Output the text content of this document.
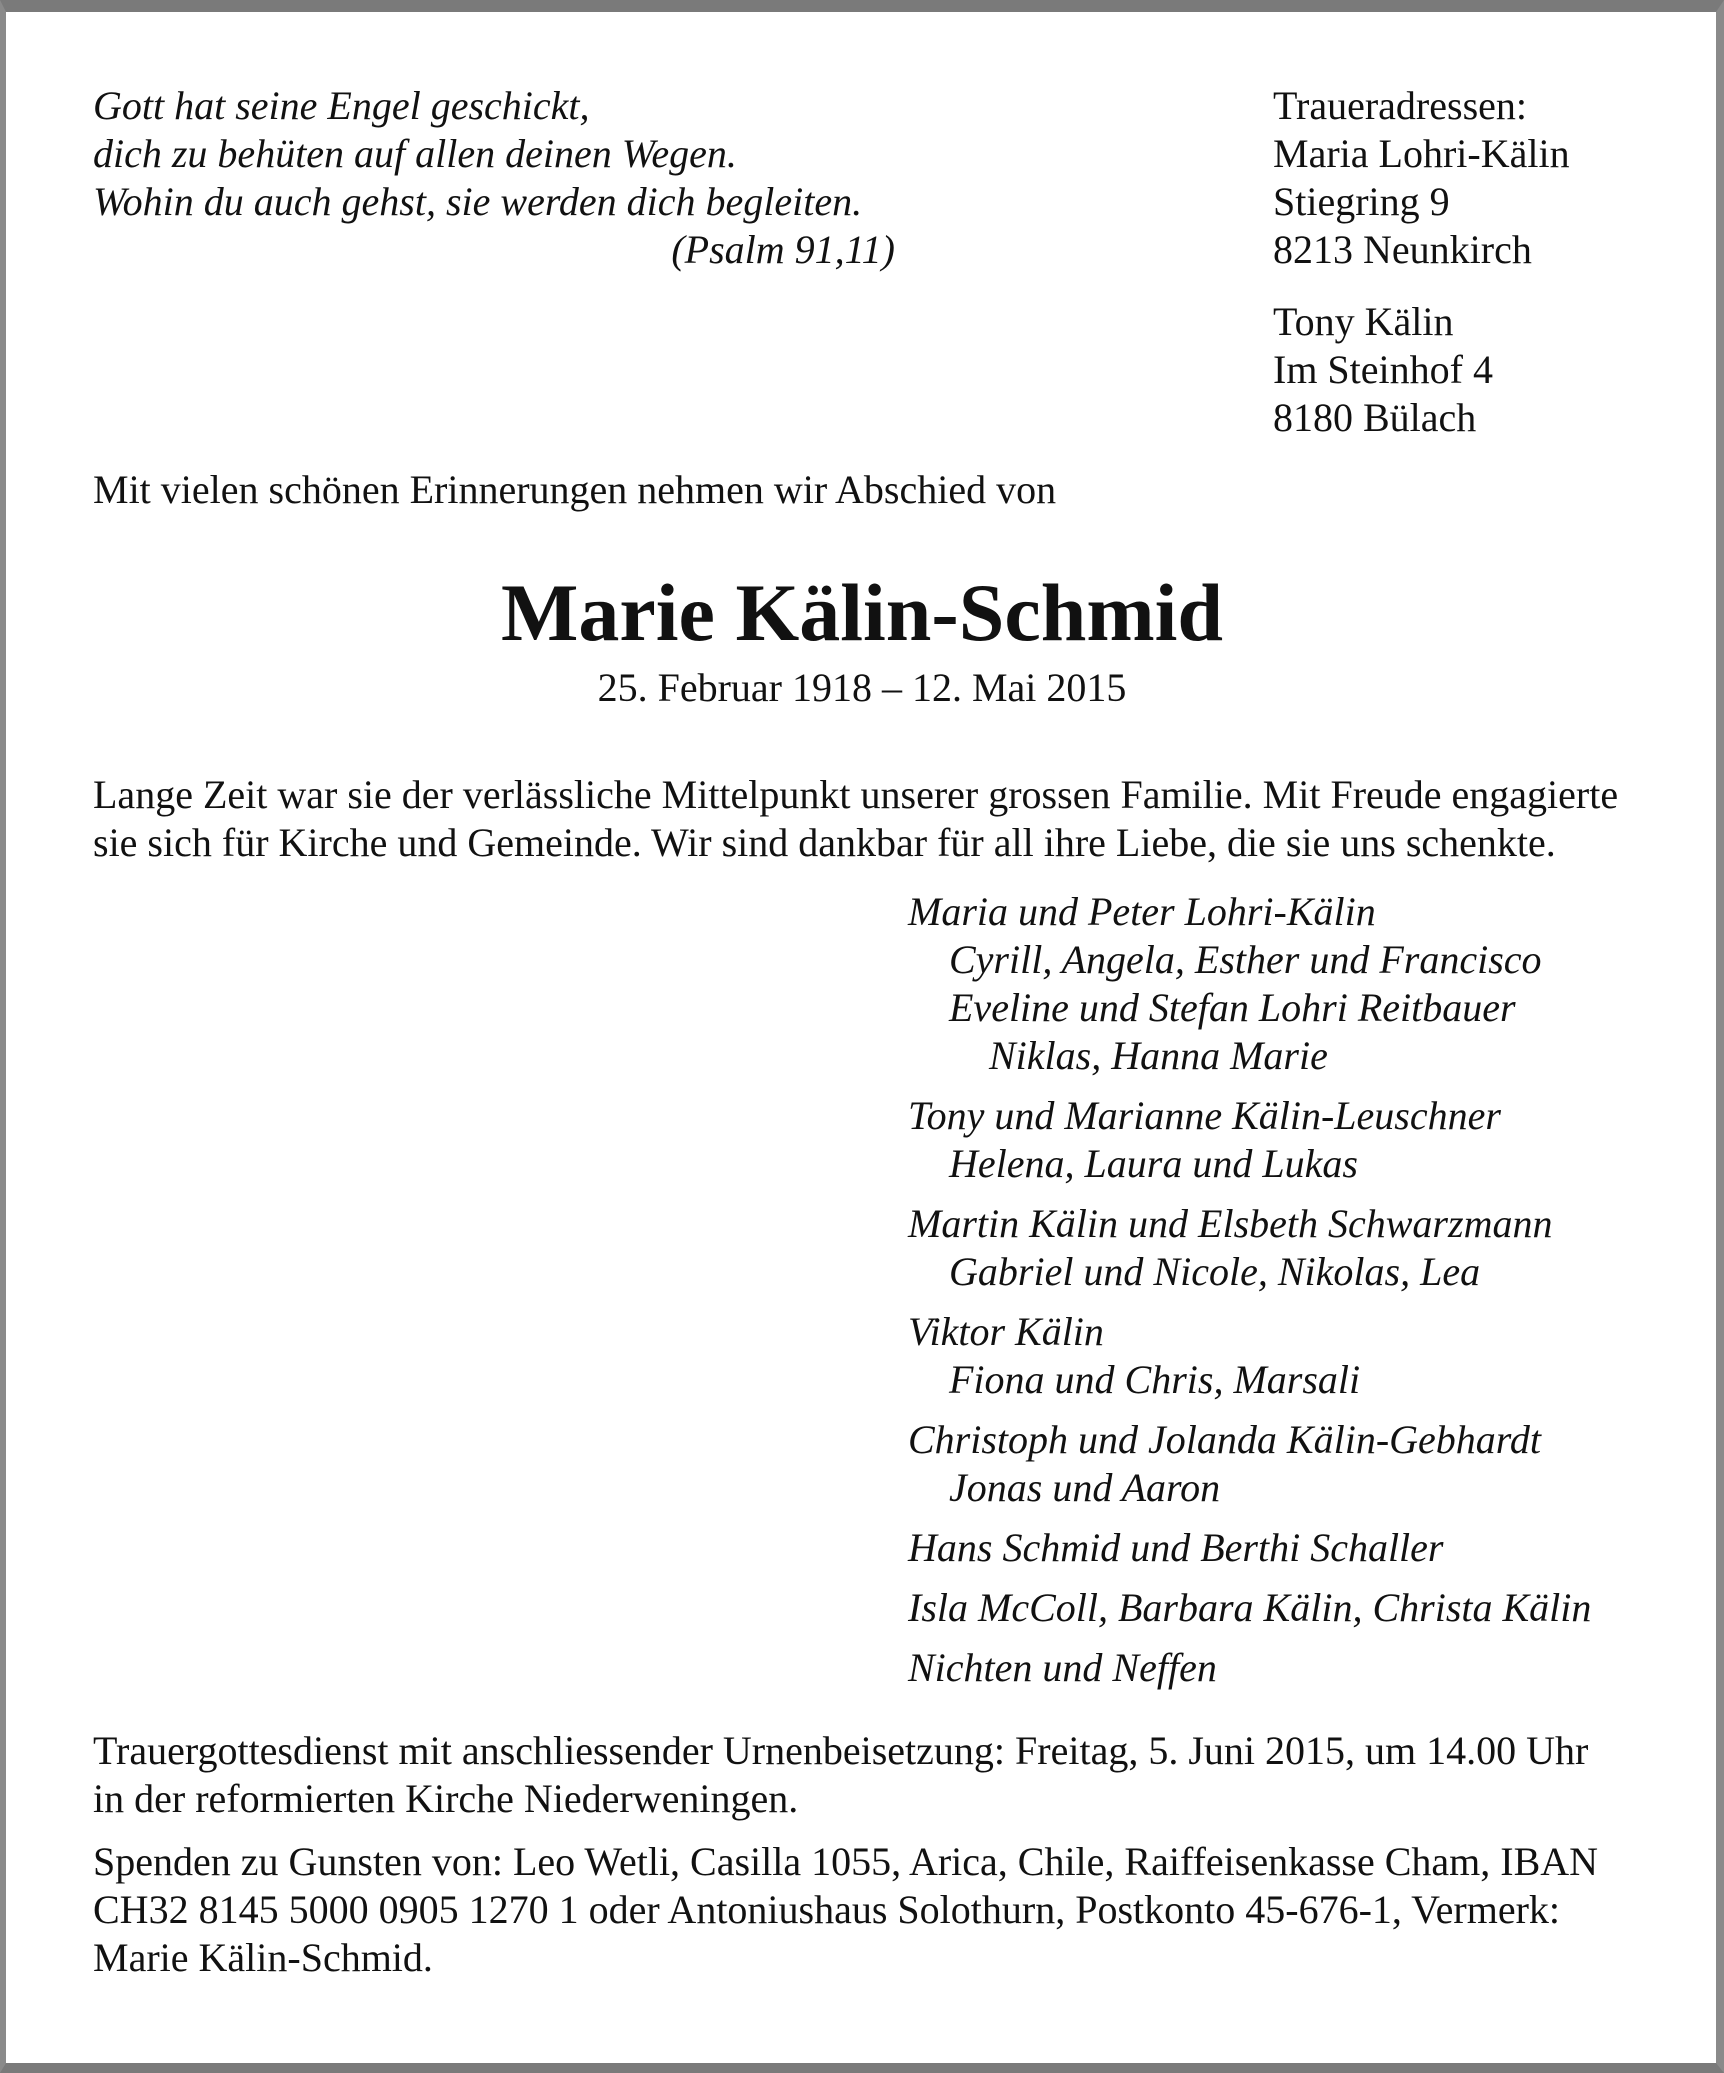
Gott hat seine Engel geschickt,
dich zu behüten auf allen deinen Wegen.
Wohin du auch gehst, sie werden dich begleiten.
(Psalm 91,11)
Traueradressen:
Maria Lohri-Kälin
Stiegring 9
8213 Neunkirch
Tony Kälin
Im Steinhof 4
8180 Bülach
Mit vielen schönen Erinnerungen nehmen wir Abschied von
Marie Kälin-Schmid
25. Februar 1918 – 12. Mai 2015
Lange Zeit war sie der verlässliche Mittelpunkt unserer grossen Familie. Mit Freude engagierte
sie sich für Kirche und Gemeinde. Wir sind dankbar für all ihre Liebe, die sie uns schenkte.
Maria und Peter Lohri-Kälin
Cyrill, Angela, Esther und Francisco
Eveline und Stefan Lohri Reitbauer
Niklas, Hanna Marie
Tony und Marianne Kälin-Leuschner
Helena, Laura und Lukas
Martin Kälin und Elsbeth Schwarzmann
Gabriel und Nicole, Nikolas, Lea
Viktor Kälin
Fiona und Chris, Marsali
Christoph und Jolanda Kälin-Gebhardt
Jonas und Aaron
Hans Schmid und Berthi Schaller
Isla McColl, Barbara Kälin, Christa Kälin
Nichten und Neffen
Trauergottesdienst mit anschliessender Urnenbeisetzung: Freitag, 5. Juni 2015, um 14.00 Uhr
in der reformierten Kirche Niederweningen.
Spenden zu Gunsten von: Leo Wetli, Casilla 1055, Arica, Chile, Raiffeisenkasse Cham, IBAN
CH32 8145 5000 0905 1270 1 oder Antoniushaus Solothurn, Postkonto 45-676-1, Vermerk:
Marie Kälin-Schmid.
